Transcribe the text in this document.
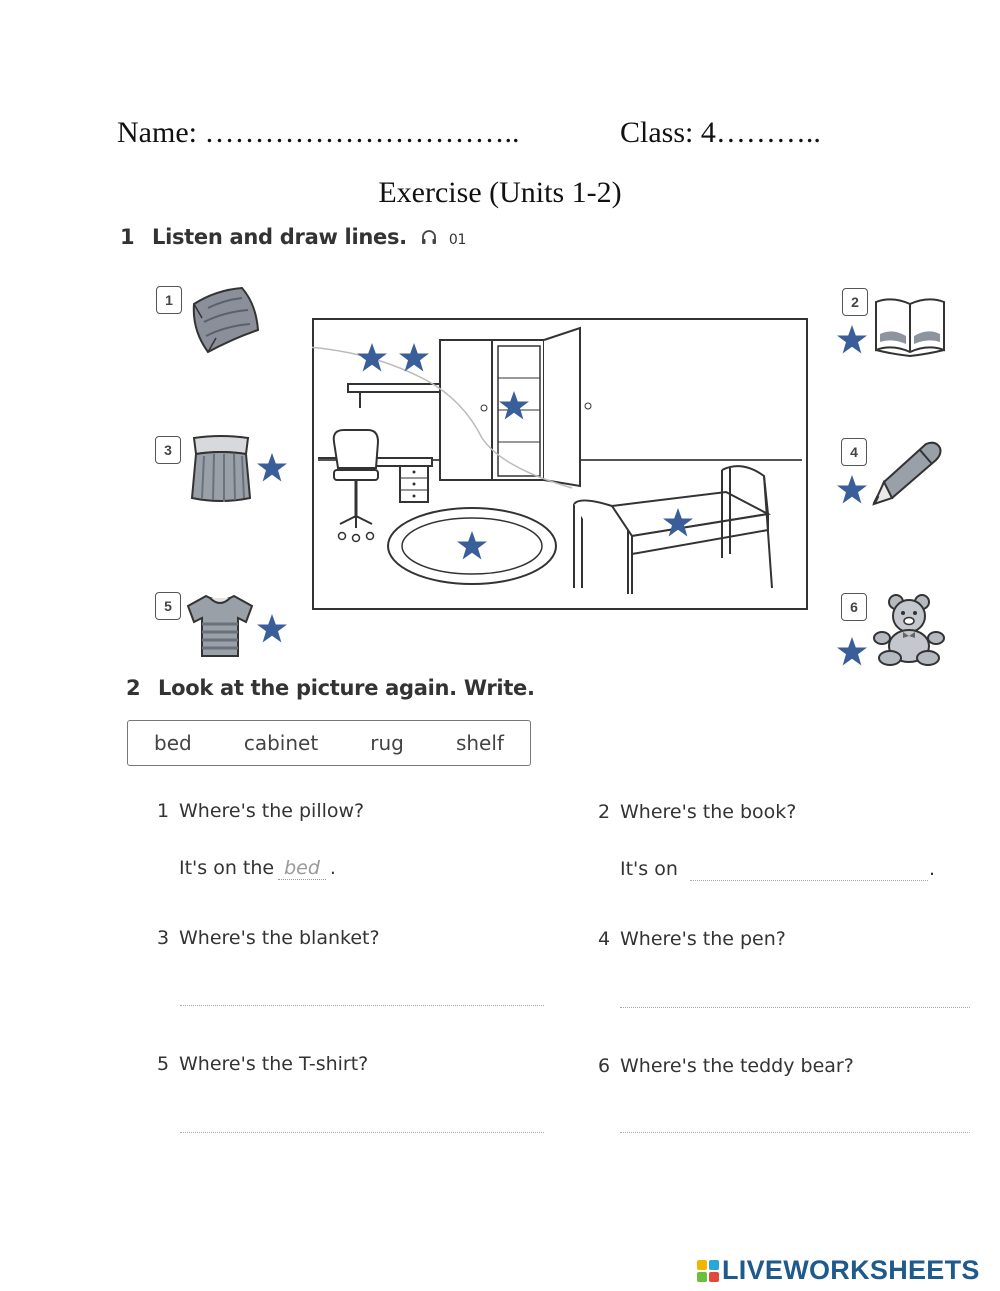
Name: …………………………..	Class: 4………..
Exercise (Units 1-2)
1 Listen and draw lines.	01
1	2
3	4
5	6
2 Look at the picture again. Write.
bed	cabinet	rug	shelf
1 Where's the pillow?
It's on the bed .
2 Where's the book?
It's on	.
3 Where's the blanket?	4 Where's the pen?
5 Where's the T-shirt?	6 Where's the teddy bear?
LIVEWORKSHEETS
